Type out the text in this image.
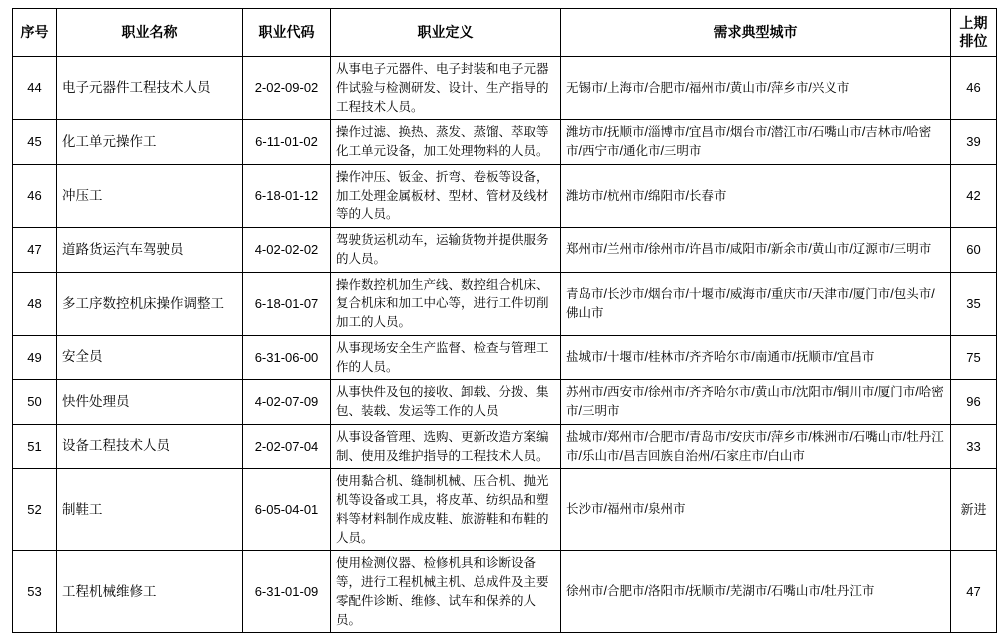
序号	职业名称	职业代码	职业定义	需求典型城市	上期
排位

44	电子元器件工程技术人员	2-02-09-02	从事电子元器件、电子封装和电子元器件试验与检测研发、设计、生产指导的工程技术人员。	无锡市/上海市/合肥市/福州市/黄山市/萍乡市/兴义市	46
45	化工单元操作工	6-11-01-02	操作过滤、换热、蒸发、蒸馏、萃取等化工单元设备，加工处理物料的人员。	潍坊市/抚顺市/淄博市/宜昌市/烟台市/潜江市/石嘴山市/吉林市/哈密市/西宁市/通化市/三明市	39
46	冲压工	6-18-01-12	操作冲压、钣金、折弯、卷板等设备，加工处理金属板材、型材、管材及线材等的人员。	潍坊市/杭州市/绵阳市/长春市	42
47	道路货运汽车驾驶员	4-02-02-02	驾驶货运机动车，运输货物并提供服务的人员。	郑州市/兰州市/徐州市/许昌市/咸阳市/新余市/黄山市/辽源市/三明市	60
48	多工序数控机床操作调整工	6-18-01-07	操作数控机加生产线、数控组合机床、复合机床和加工中心等，进行工件切削加工的人员。	青岛市/长沙市/烟台市/十堰市/威海市/重庆市/天津市/厦门市/包头市/佛山市	35
49	安全员	6-31-06-00	从事现场安全生产监督、检查与管理工作的人员。	盐城市/十堰市/桂林市/齐齐哈尔市/南通市/抚顺市/宜昌市	75
50	快件处理员	4-02-07-09	从事快件及包的接收、卸载、分拨、集包、装载、发运等工作的人员	苏州市/西安市/徐州市/齐齐哈尔市/黄山市/沈阳市/铜川市/厦门市/哈密市/三明市	96
51	设备工程技术人员	2-02-07-04	从事设备管理、选购、更新改造方案编制、使用及维护指导的工程技术人员。	盐城市/郑州市/合肥市/青岛市/安庆市/萍乡市/株洲市/石嘴山市/牡丹江市/乐山市/昌吉回族自治州/石家庄市/白山市	33
52	制鞋工	6-05-04-01	使用黏合机、缝制机械、压合机、抛光机等设备或工具，将皮革、纺织品和塑料等材料制作成皮鞋、旅游鞋和布鞋的人员。	长沙市/福州市/泉州市	新进
53	工程机械维修工	6-31-01-09	使用检测仪器、检修机具和诊断设备等，进行工程机械主机、总成件及主要零配件诊断、维修、试车和保养的人员。	徐州市/合肥市/洛阳市/抚顺市/芜湖市/石嘴山市/牡丹江市	47
